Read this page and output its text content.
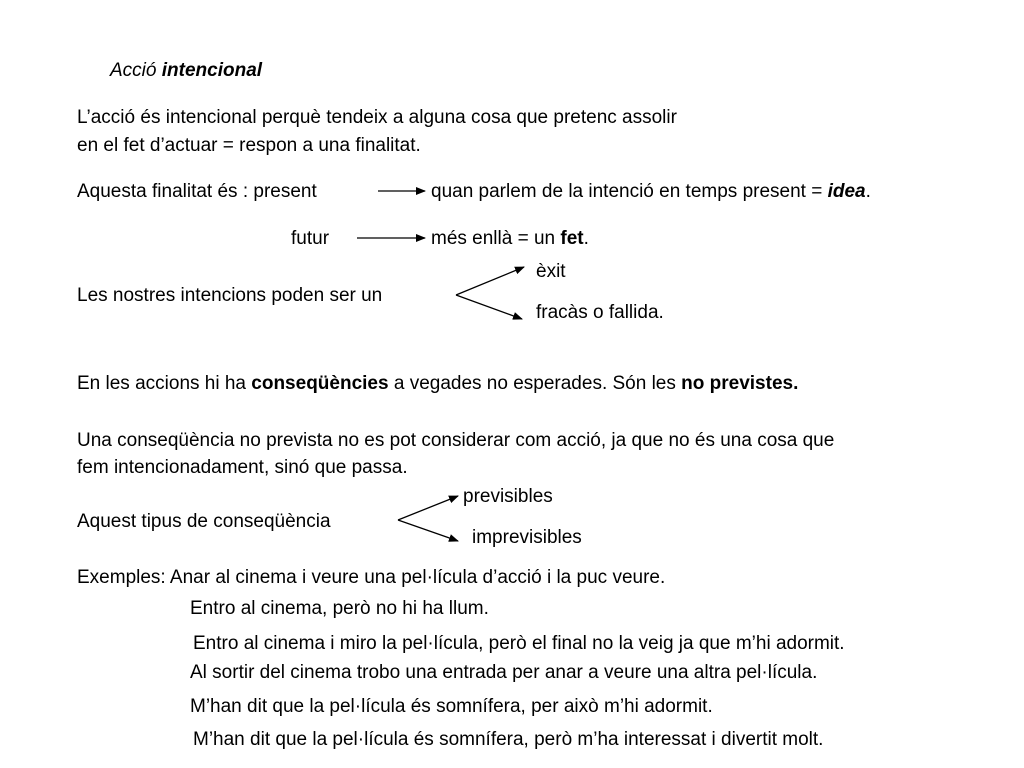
Acció intencional
L’acció és intencional perquè tendeix a alguna cosa que pretenc assolir
en el fet d’actuar = respon a una finalitat.
Aquesta finalitat és : present	quan parlem de la intenció en temps present = idea.
futur	més enllà = un fet.
èxit
Les nostres intencions poden ser un
fracàs o fallida.
En les accions hi ha conseqüències a vegades no esperades. Són les no previstes.
Una conseqüència no prevista no es pot considerar com acció, ja que no és una cosa que
fem intencionadament, sinó que passa.
previsibles
Aquest tipus de conseqüència
imprevisibles
Exemples: Anar al cinema i veure una pel·lícula d’acció i la puc veure.
Entro al cinema, però no hi ha llum.
Entro al cinema i miro la pel·lícula, però el final no la veig ja que m’hi adormit.
Al sortir del cinema trobo una entrada per anar a veure una altra pel·lícula.
M’han dit que la pel·lícula és somnífera, per això m’hi adormit.
M’han dit que la pel·lícula és somnífera, però m’ha interessat i divertit molt.
